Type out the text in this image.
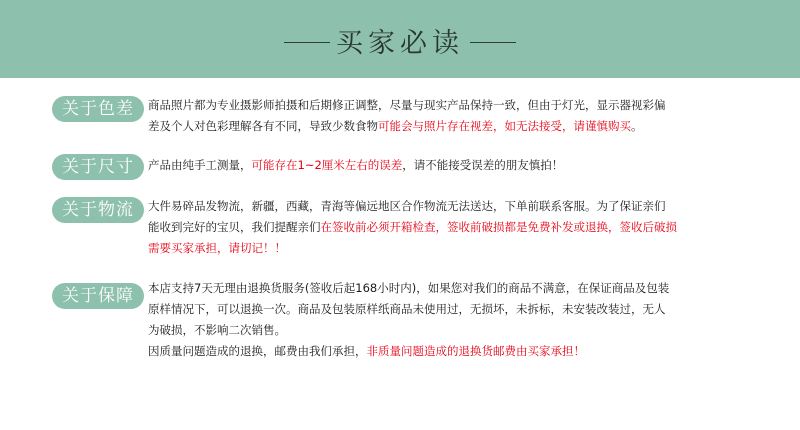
买家必读
关于色差	商品照片都为专业摄影师拍摄和后期修正调整，尽量与现实产品保持一致，但由于灯光，显示器视彩偏
差及个人对色彩理解各有不同，导致少数食物可能会与照片存在视差，如无法接受，请谨慎购买。
关于尺寸	产品由纯手工测量，可能存在1~2厘米左右的误差，请不能接受误差的朋友慎拍！
关于物流	大件易碎品发物流，新疆，西藏，青海等偏远地区合作物流无法送达，下单前联系客服。为了保证亲们
能收到完好的宝贝，我们提醒亲们在签收前必须开箱检查，签收前破损都是免费补发或退换，签收后破损
需要买家承担，请切记！！
关于保障	本店支持7天无理由退换货服务(签收后起168小时内)，如果您对我们的商品不满意，在保证商品及包装
原样情况下，可以退换一次。商品及包装原样纸商品未使用过，无损坏，未拆标，未安装改装过，无人
为破损，不影响二次销售。
因质量问题造成的退换，邮费由我们承担，非质量问题造成的退换货邮费由买家承担！
